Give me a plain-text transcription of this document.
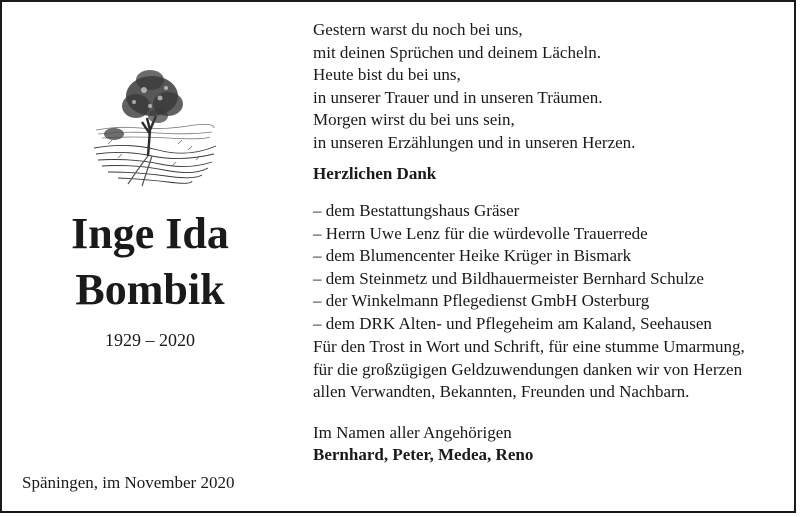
Inge Ida
Bombik
1929 – 2020
Späningen, im November 2020
Gestern warst du noch bei uns,
mit deinen Sprüchen und deinem Lächeln.
Heute bist du bei uns,
in unserer Trauer und in unseren Träumen.
Morgen wirst du bei uns sein,
in unseren Erzählungen und in unseren Herzen.
Herzlichen Dank
– dem Bestattungshaus Gräser
– Herrn Uwe Lenz für die würdevolle Trauerrede
– dem Blumencenter Heike Krüger in Bismark
– dem Steinmetz und Bildhauermeister Bernhard Schulze
– der Winkelmann Pflegedienst GmbH Osterburg
– dem DRK Alten- und Pflegeheim am Kaland, Seehausen
Für den Trost in Wort und Schrift, für eine stumme Umarmung,
für die großzügigen Geldzuwendungen danken wir von Herzen
allen Verwandten, Bekannten, Freunden und Nachbarn.
Im Namen aller Angehörigen
Bernhard, Peter, Medea, Reno
